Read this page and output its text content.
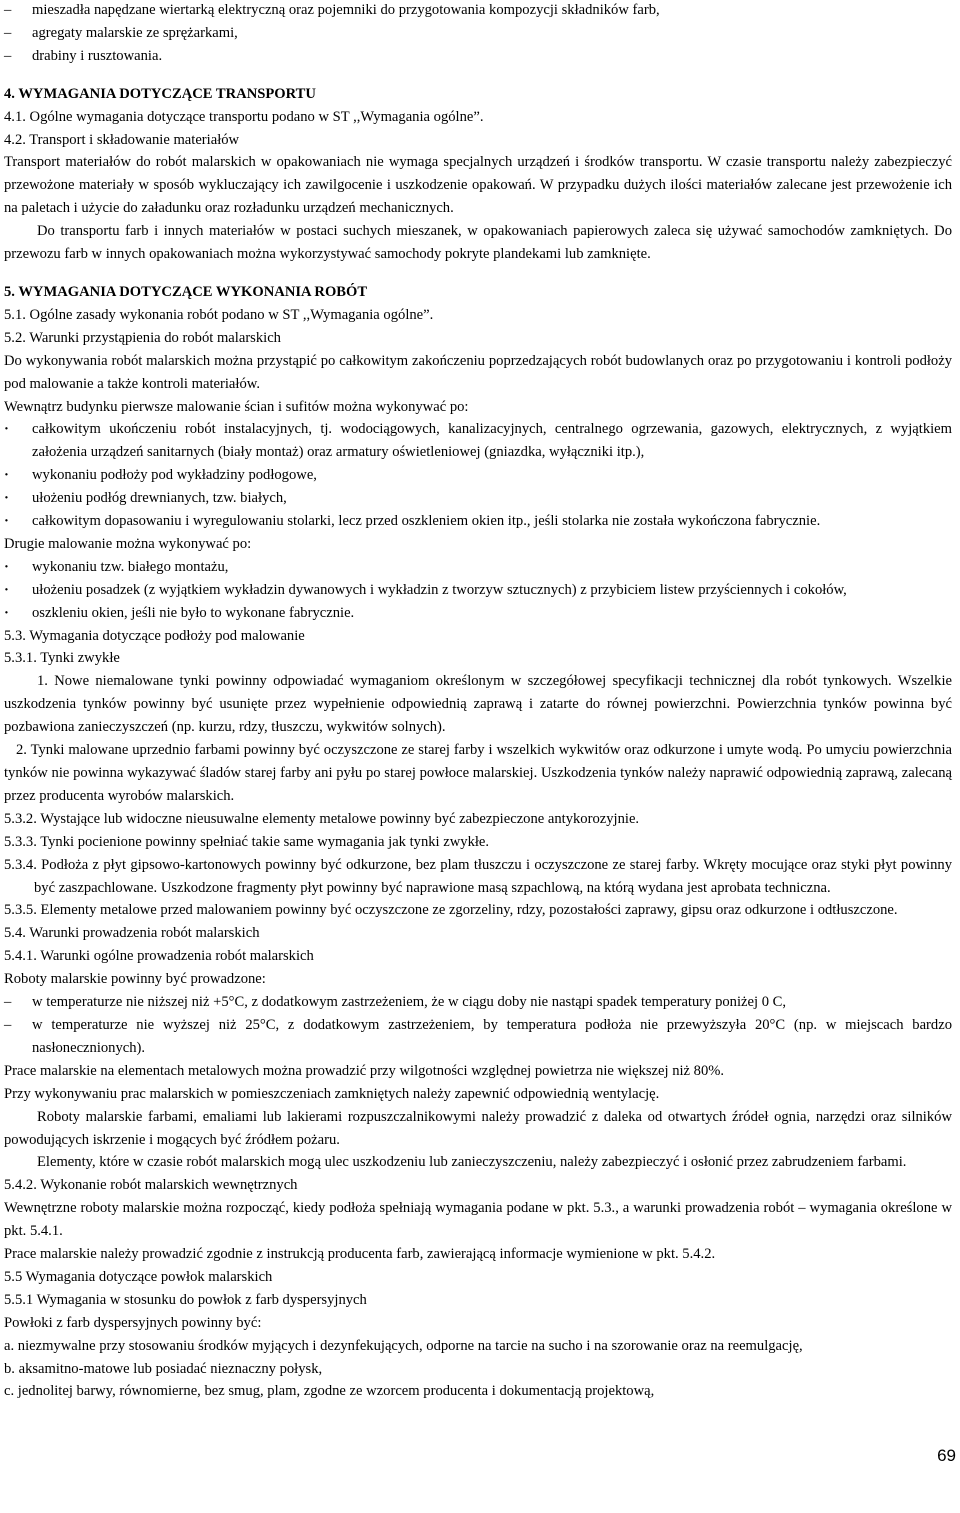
– mieszadła napędzane wiertarką elektryczną oraz pojemniki do przygotowania kompozycji składników farb,

– agregaty malarskie ze sprężarkami,

– drabiny i rusztowania.

4. WYMAGANIA DOTYCZĄCE TRANSPORTU

4.1. Ogólne wymagania dotyczące transportu podano w ST ,,Wymagania ogólne”.

4.2. Transport i składowanie materiałów

Transport materiałów do robót malarskich w opakowaniach nie wymaga specjalnych urządzeń i środków transportu. W czasie transportu należy zabezpieczyć przewożone materiały w sposób wykluczający ich zawilgocenie i uszkodzenie opakowań. W przypadku dużych ilości materiałów zalecane jest przewożenie ich na paletach i użycie do załadunku oraz rozładunku urządzeń mechanicznych.

Do transportu farb i innych materiałów w postaci suchych mieszanek, w opakowaniach papierowych zaleca się używać samochodów zamkniętych. Do przewozu farb w innych opakowaniach można wykorzystywać samochody pokryte plandekami lub zamknięte.

5. WYMAGANIA DOTYCZĄCE WYKONANIA ROBÓT

5.1. Ogólne zasady wykonania robót podano w ST ,,Wymagania ogólne”.

5.2. Warunki przystąpienia do robót malarskich

Do wykonywania robót malarskich można przystąpić po całkowitym zakończeniu poprzedzających robót budowlanych oraz po przygotowaniu i kontroli podłoży pod malowanie a także kontroli materiałów.

Wewnątrz budynku pierwsze malowanie ścian i sufitów można wykonywać po:

· całkowitym ukończeniu robót instalacyjnych, tj. wodociągowych, kanalizacyjnych, centralnego ogrzewania, gazowych, elektrycznych, z wyjątkiem założenia urządzeń sanitarnych (biały montaż) oraz armatury oświetleniowej (gniazdka, wyłączniki itp.),

· wykonaniu podłoży pod wykładziny podłogowe,

· ułożeniu podłóg drewnianych, tzw. białych,

· całkowitym dopasowaniu i wyregulowaniu stolarki, lecz przed oszkleniem okien itp., jeśli stolarka nie została wykończona fabrycznie.

Drugie malowanie można wykonywać po:

· wykonaniu tzw. białego montażu,

· ułożeniu posadzek (z wyjątkiem wykładzin dywanowych i wykładzin z tworzyw sztucznych) z przybiciem listew przyściennych i cokołów,

· oszkleniu okien, jeśli nie było to wykonane fabrycznie.

5.3. Wymagania dotyczące podłoży pod malowanie

5.3.1. Tynki zwykłe

1. Nowe niemalowane tynki powinny odpowiadać wymaganiom określonym w szczegółowej specyfikacji technicznej dla robót tynkowych. Wszelkie uszkodzenia tynków powinny być usunięte przez wypełnienie odpowiednią zaprawą i zatarte do równej powierzchni. Powierzchnia tynków powinna być pozbawiona zanieczyszczeń (np. kurzu, rdzy, tłuszczu, wykwitów solnych).

2. Tynki malowane uprzednio farbami powinny być oczyszczone ze starej farby i wszelkich wykwitów oraz odkurzone i umyte wodą. Po umyciu powierzchnia tynków nie powinna wykazywać śladów starej farby ani pyłu po starej powłoce malarskiej. Uszkodzenia tynków należy naprawić odpowiednią zaprawą, zalecaną przez producenta wyrobów malarskich.

5.3.2. Wystające lub widoczne nieusuwalne elementy metalowe powinny być zabezpieczone antykorozyjnie.

5.3.3. Tynki pocienione powinny spełniać takie same wymagania jak tynki zwykłe.

5.3.4. Podłoża z płyt gipsowo-kartonowych powinny być odkurzone, bez plam tłuszczu i oczyszczone ze starej farby. Wkręty mocujące oraz styki płyt powinny być zaszpachlowane. Uszkodzone fragmenty płyt powinny być naprawione masą szpachlową, na którą wydana jest aprobata techniczna.

5.3.5. Elementy metalowe przed malowaniem powinny być oczyszczone ze zgorzeliny, rdzy, pozostałości zaprawy, gipsu oraz odkurzone i odtłuszczone.

5.4. Warunki prowadzenia robót malarskich

5.4.1. Warunki ogólne prowadzenia robót malarskich

Roboty malarskie powinny być prowadzone:

– w temperaturze nie niższej niż +5°C, z dodatkowym zastrzeżeniem, że w ciągu doby nie nastąpi spadek temperatury poniżej 0 C,

– w temperaturze nie wyższej niż 25°C, z dodatkowym zastrzeżeniem, by temperatura podłoża nie przewyższyła 20°C (np. w miejscach bardzo nasłonecznionych).

Prace malarskie na elementach metalowych można prowadzić przy wilgotności względnej powietrza nie większej niż 80%.

Przy wykonywaniu prac malarskich w pomieszczeniach zamkniętych należy zapewnić odpowiednią wentylację.

Roboty malarskie farbami, emaliami lub lakierami rozpuszczalnikowymi należy prowadzić z daleka od otwartych źródeł ognia, narzędzi oraz silników powodujących iskrzenie i mogących być źródłem pożaru.

Elementy, które w czasie robót malarskich mogą ulec uszkodzeniu lub zanieczyszczeniu, należy zabezpieczyć i osłonić przez zabrudzeniem farbami.

5.4.2. Wykonanie robót malarskich wewnętrznych

Wewnętrzne roboty malarskie można rozpocząć, kiedy podłoża spełniają wymagania podane w pkt. 5.3., a warunki prowadzenia robót – wymagania określone w pkt. 5.4.1.

Prace malarskie należy prowadzić zgodnie z instrukcją producenta farb, zawierającą informacje wymienione w pkt. 5.4.2.

5.5 Wymagania dotyczące powłok malarskich

5.5.1 Wymagania w stosunku do powłok z farb dyspersyjnych

Powłoki z farb dyspersyjnych powinny być:

a. niezmywalne przy stosowaniu środków myjących i dezynfekujących, odporne na tarcie na sucho i na szorowanie oraz na reemulgację,

b. aksamitno-matowe lub posiadać nieznaczny połysk,

c. jednolitej barwy, równomierne, bez smug, plam, zgodne ze wzorcem producenta i dokumentacją projektową,

69
